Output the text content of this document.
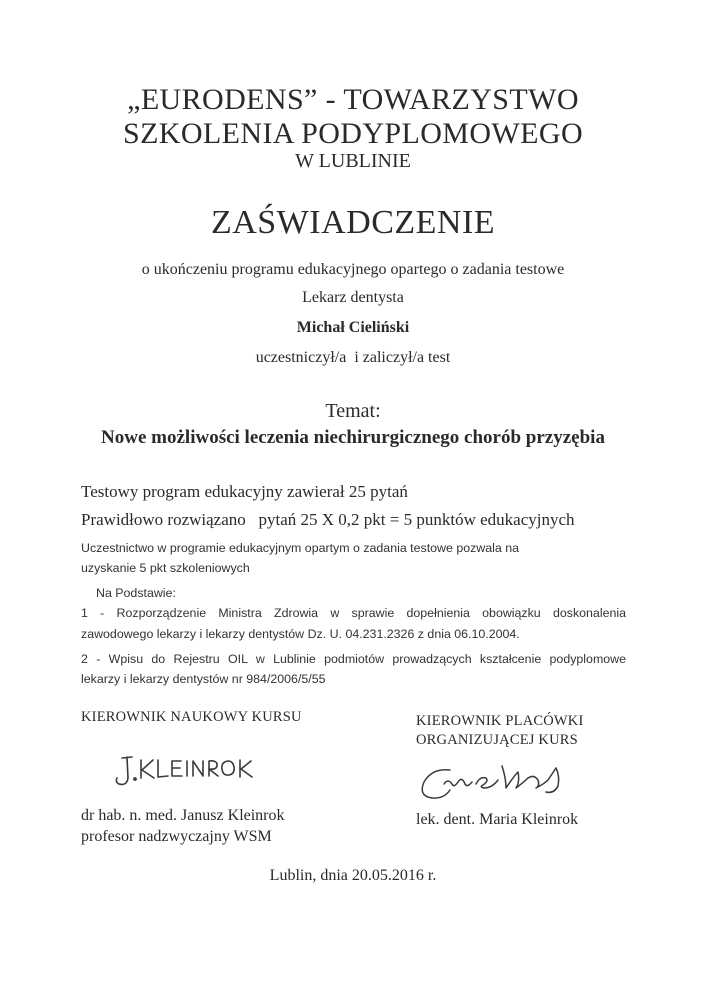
„EURODENS” - TOWARZYSTWO
SZKOLENIA PODYPLOMOWEGO
W LUBLINIE
ZAŚWIADCZENIE
o ukończeniu programu edukacyjnego opartego o zadania testowe
Lekarz dentysta
Michał Cieliński
uczestniczył/a  i zaliczył/a test
Temat:
Nowe możliwości leczenia niechirurgicznego chorób przyzębia
Testowy program edukacyjny zawierał 25 pytań
Prawidłowo rozwiązano   pytań 25 X 0,2 pkt = 5 punktów edukacyjnych
Uczestnictwo w programie edukacyjnym opartym o zadania testowe pozwala na
uzyskanie 5 pkt szkoleniowych
Na Podstawie:
1 - Rozporządzenie Ministra Zdrowia w sprawie dopełnienia obowiązku doskonalenia
zawodowego lekarzy i lekarzy dentystów Dz. U. 04.231.2326 z dnia 06.10.2004.
2 - Wpisu do Rejestru OIL w Lublinie podmiotów prowadzących kształcenie podyplomowe
lekarzy i lekarzy dentystów nr 984/2006/5/55
KIEROWNIK NAUKOWY KURSU	KIEROWNIK PLACÓWKI
ORGANIZUJĄCEJ KURS
dr hab. n. med. Janusz Kleinrok
profesor nadzwyczajny WSM
lek. dent. Maria Kleinrok
Lublin, dnia 20.05.2016 r.
